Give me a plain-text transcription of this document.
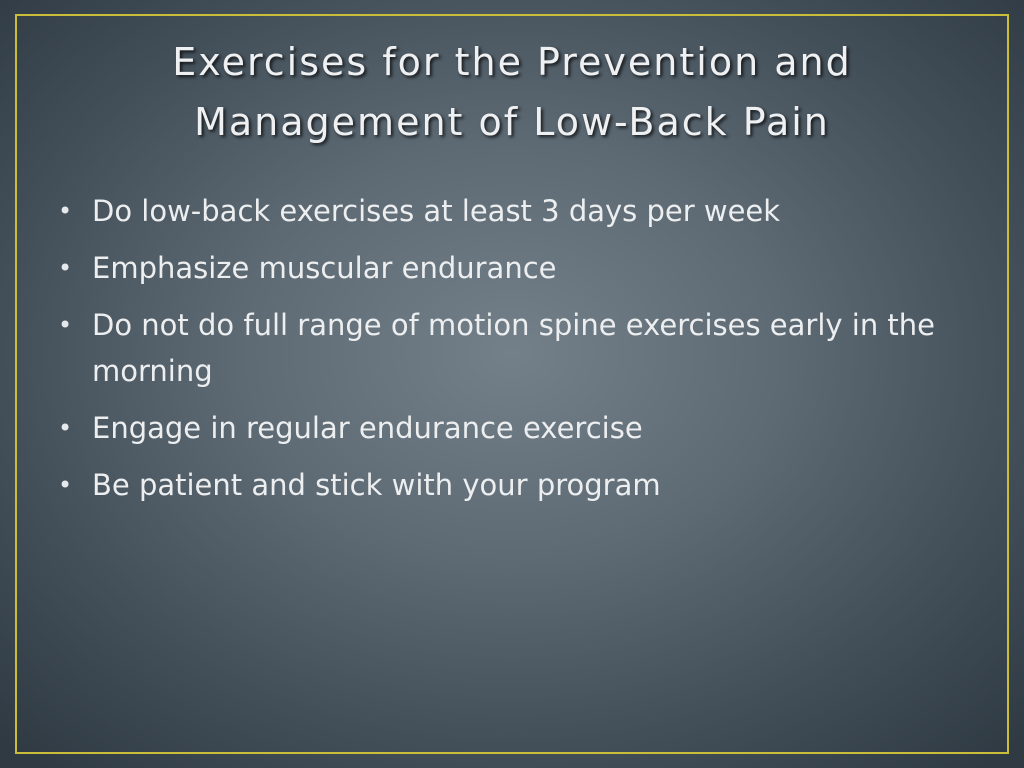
Exercises for the Prevention and
Management of Low-Back Pain
• Do low-back exercises at least 3 days per week
• Emphasize muscular endurance
• Do not do full range of motion spine exercises early in the morning
• Engage in regular endurance exercise
• Be patient and stick with your program
